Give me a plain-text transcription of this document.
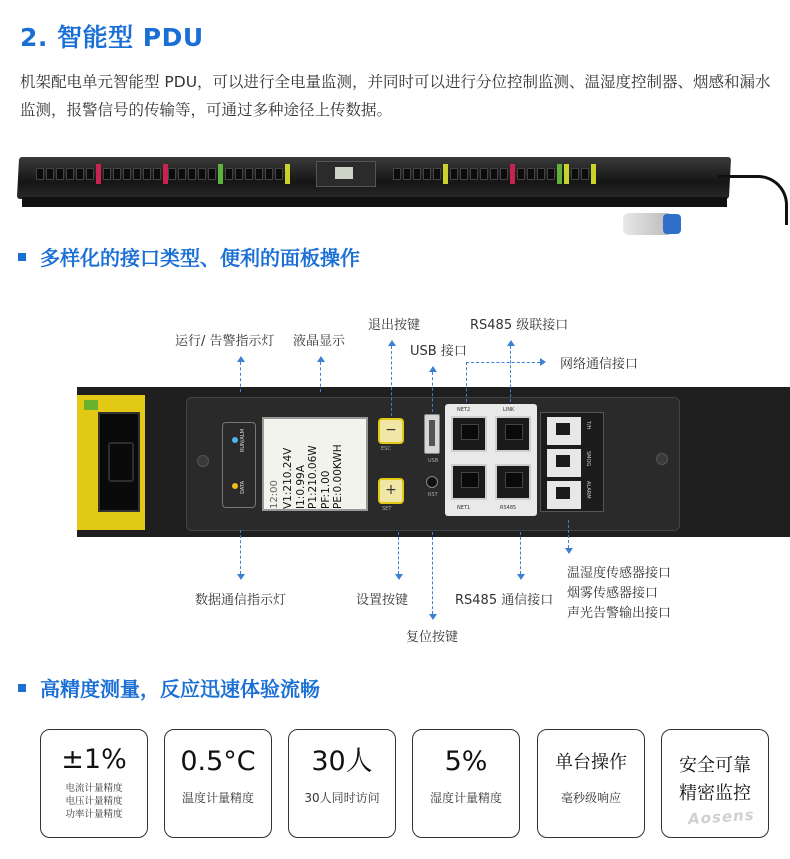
2. 智能型 PDU
机架配电单元智能型 PDU，可以进行全电量监测，并同时可以进行分位控制监测、温湿度控制器、烟感和漏水监测，报警信号的传输等，可通过多种途径上传数据。
多样化的接口类型、便利的面板操作
RUN/ALM
DATA 12:00 V1:210.24V I1:0.99A P1:210.06W PF:1.00 PE:0.00KWH
−
ESC
+
SET
USB
RST
NET2	LINK
NET1	RS485
T/H
SMOG
ALARM
运行/ 告警指示灯 液晶显示
退出按键
USB 接口
RS485 级联接口
网络通信接口
数据通信指示灯	设置按键
复位按键
RS485 通信接口
温湿度传感器接口
烟雾传感器接口
声光告警输出接口
高精度测量，反应迅速体验流畅
±1%
电流计量精度
电压计量精度
功率计量精度
0.5°C
温度计量精度
30人
30人同时访问
5%
湿度计量精度
单台操作
毫秒级响应
安全可靠
精密监控
Aosens
